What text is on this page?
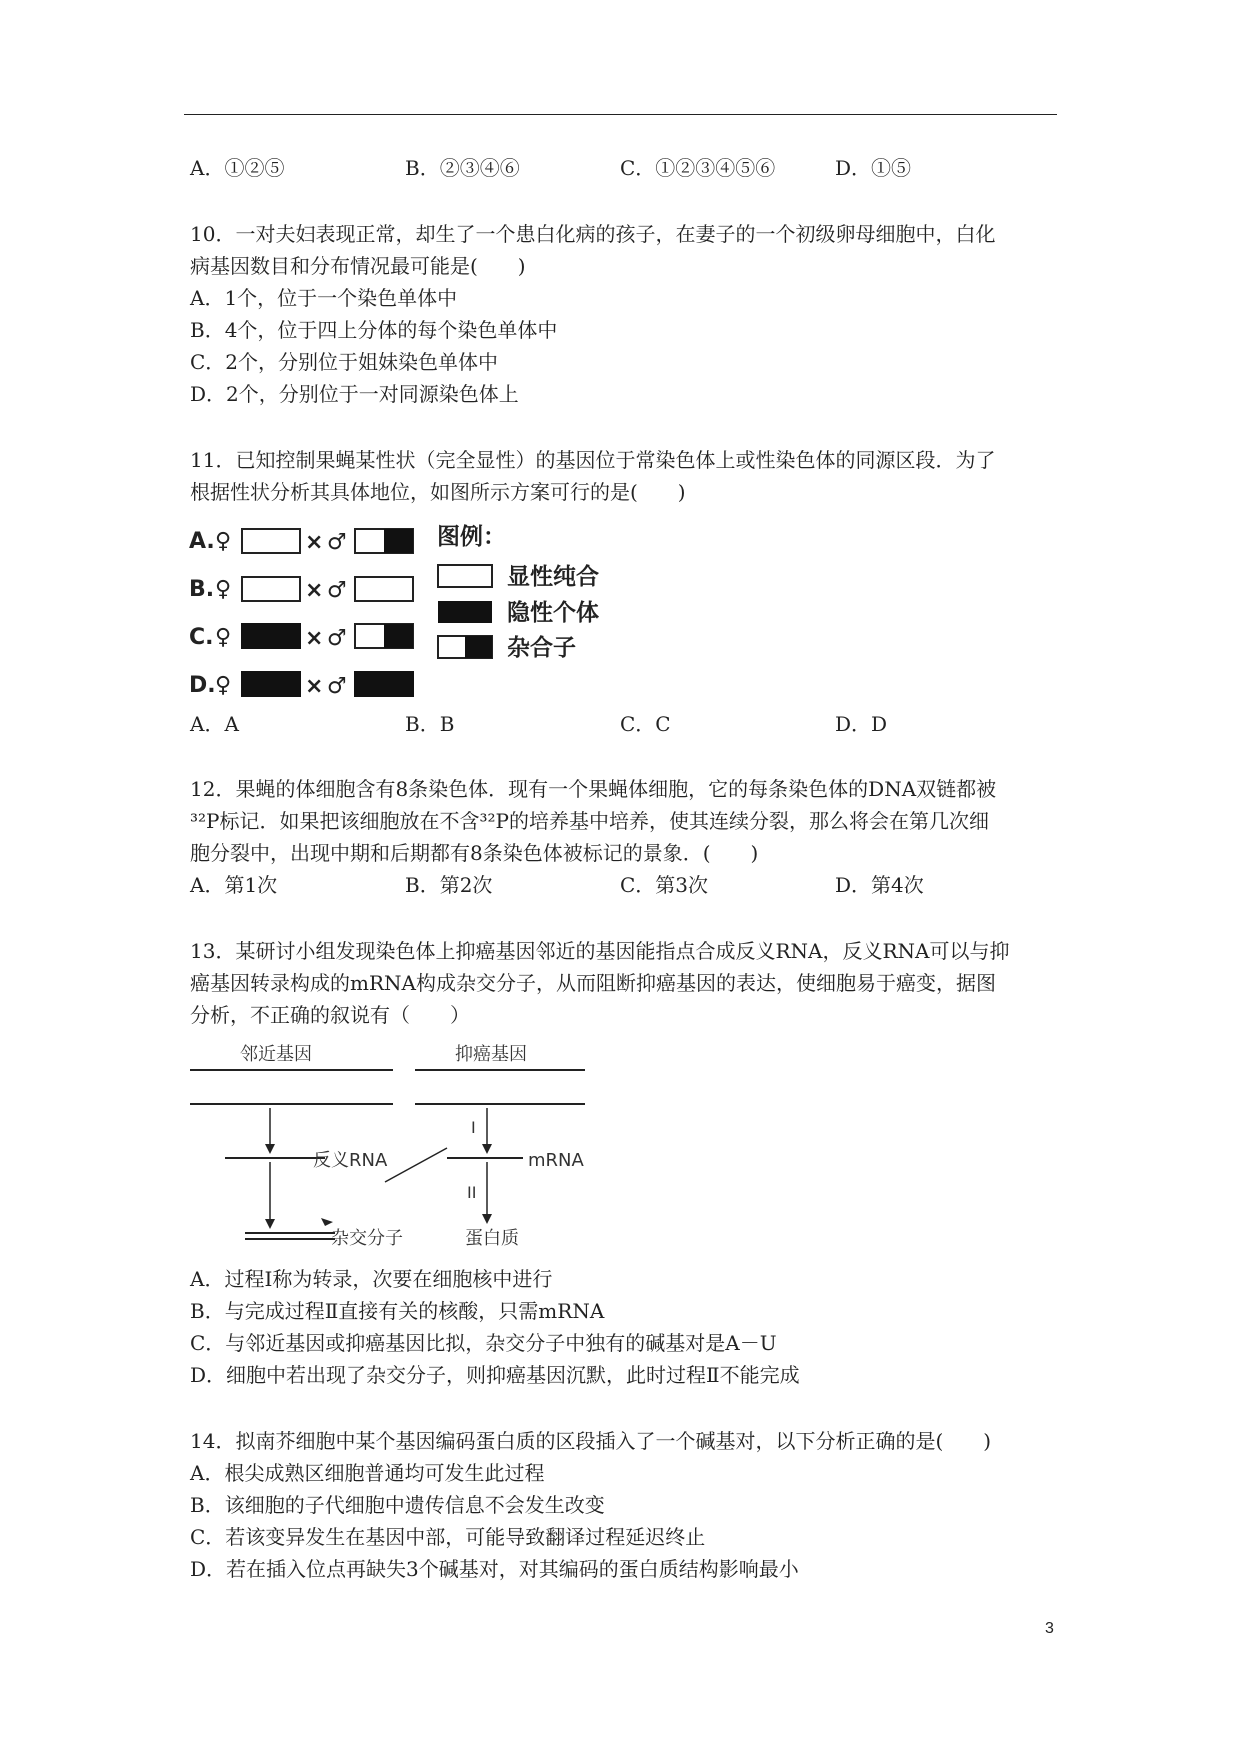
A．①②⑤	B．②③④⑥	C．①②③④⑤⑥	D．①⑤
10．一对夫妇表现正常，却生了一个患白化病的孩子，在妻子的一个初级卵母细胞中，白化
病基因数目和分布情况最可能是(　　)
A．1个，位于一个染色单体中
B．4个，位于四上分体的每个染色单体中
C．2个，分别位于姐妹染色单体中
D．2个，分别位于一对同源染色体上
11．已知控制果蝇某性状（完全显性）的基因位于常染色体上或性染色体的同源区段．为了
根据性状分析其具体地位，如图所示方案可行的是(　　)
A. ♀	× ♂
B. ♀	× ♂
C. ♀	× ♂
D. ♀	× ♂
图例：
显性纯合
隐性个体
杂合子
A．A	B．B	C．C	D．D
12．果蝇的体细胞含有8条染色体．现有一个果蝇体细胞，它的每条染色体的DNA双链都被
³²P标记．如果把该细胞放在不含³²P的培养基中培养，使其连续分裂，那么将会在第几次细
胞分裂中，出现中期和后期都有8条染色体被标记的景象．(　　)
A．第1次	B．第2次	C．第3次	D．第4次
13．某研讨小组发现染色体上抑癌基因邻近的基因能指点合成反义RNA，反义RNA可以与抑
癌基因转录构成的mRNA构成杂交分子，从而阻断抑癌基因的表达，使细胞易于癌变，据图
分析，不正确的叙说有（　　）
邻近基因
反义RNA
杂交分子
抑癌基因
I
mRNA
II
蛋白质
A．过程Ⅰ称为转录，次要在细胞核中进行
B．与完成过程Ⅱ直接有关的核酸，只需mRNA
C．与邻近基因或抑癌基因比拟，杂交分子中独有的碱基对是A－U
D．细胞中若出现了杂交分子，则抑癌基因沉默，此时过程Ⅱ不能完成
14．拟南芥细胞中某个基因编码蛋白质的区段插入了一个碱基对，以下分析正确的是(　　)
A．根尖成熟区细胞普通均可发生此过程
B．该细胞的子代细胞中遗传信息不会发生改变
C．若该变异发生在基因中部，可能导致翻译过程延迟终止
D．若在插入位点再缺失3个碱基对，对其编码的蛋白质结构影响最小
3
